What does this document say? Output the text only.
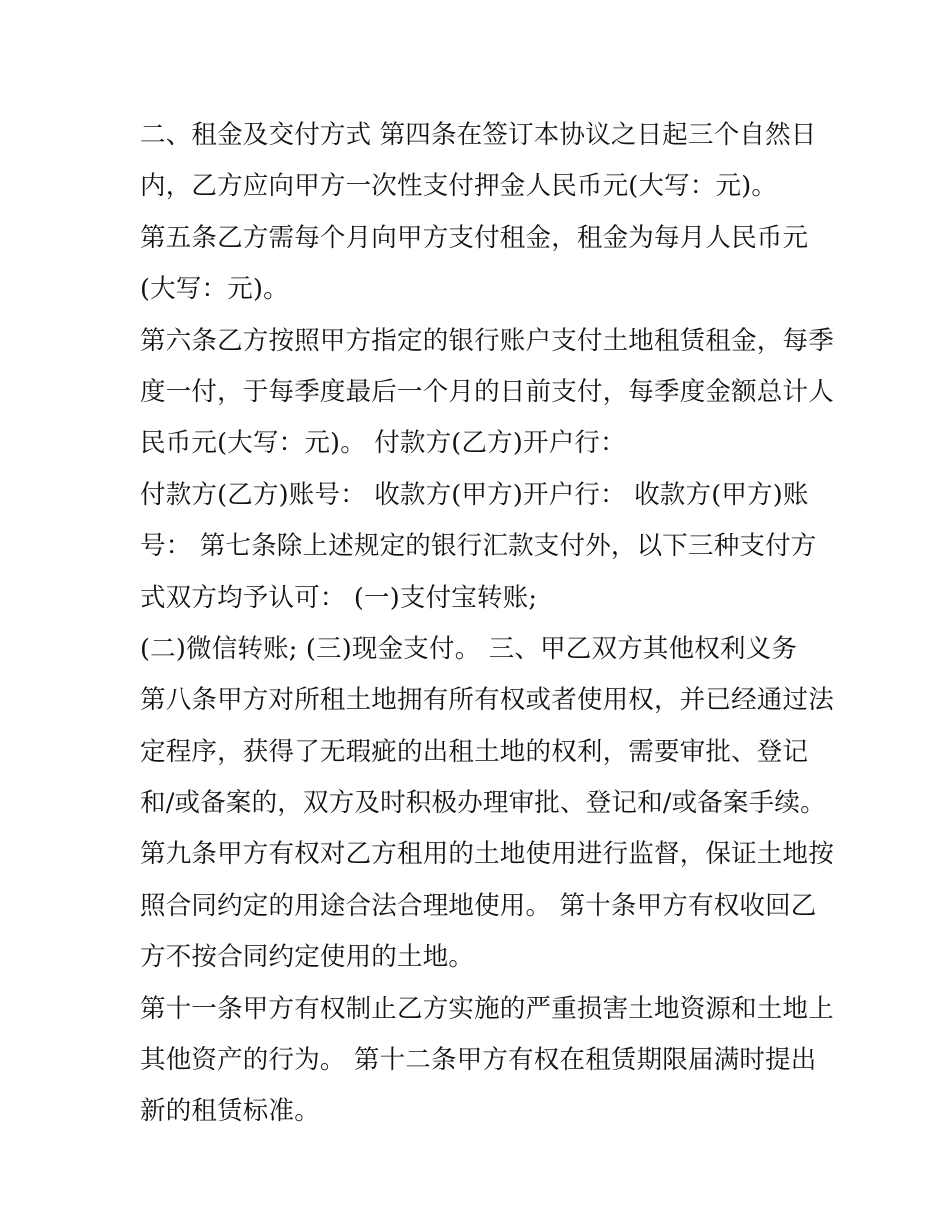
二、租金及交付方式 第四条在签订本协议之日起三个自然日
内，乙方应向甲方一次性支付押金人民币元(大写：元)。
第五条乙方需每个月向甲方支付租金，租金为每月人民币元
(大写：元)。
第六条乙方按照甲方指定的银行账户支付土地租赁租金，每季
度一付，于每季度最后一个月的日前支付，每季度金额总计人
民币元(大写：元)。 付款方(乙方)开户行：
付款方(乙方)账号： 收款方(甲方)开户行： 收款方(甲方)账
号： 第七条除上述规定的银行汇款支付外，以下三种支付方
式双方均予认可： (一)支付宝转账;
(二)微信转账; (三)现金支付。 三、甲乙双方其他权利义务
第八条甲方对所租土地拥有所有权或者使用权，并已经通过法
定程序，获得了无瑕疵的出租土地的权利，需要审批、登记
和/或备案的，双方及时积极办理审批、登记和/或备案手续。
第九条甲方有权对乙方租用的土地使用进行监督，保证土地按
照合同约定的用途合法合理地使用。 第十条甲方有权收回乙
方不按合同约定使用的土地。
第十一条甲方有权制止乙方实施的严重损害土地资源和土地上
其他资产的行为。 第十二条甲方有权在租赁期限届满时提出
新的租赁标准。
